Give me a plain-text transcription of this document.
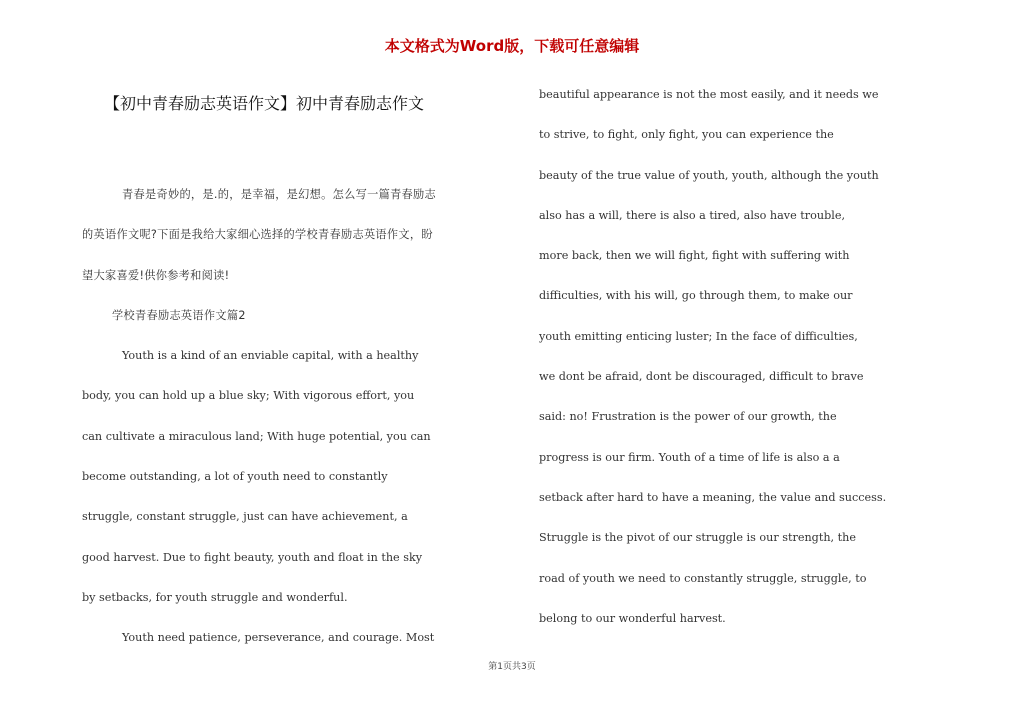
本文格式为Word版，下载可任意编辑
【初中青春励志英语作文】初中青春励志作文
青春是奇妙的，是.的，是幸福，是幻想。怎么写一篇青春励志
的英语作文呢?下面是我给大家细心选择的学校青春励志英语作文，盼
望大家喜爱!供你参考和阅读!
学校青春励志英语作文篇2
Youth is a kind of an enviable capital, with a healthy
body, you can hold up a blue sky; With vigorous effort, you
can cultivate a miraculous land; With huge potential, you can
become outstanding, a lot of youth need to constantly
struggle, constant struggle, just can have achievement, a
good harvest. Due to fight beauty, youth and float in the sky
by setbacks, for youth struggle and wonderful.
Youth need patience, perseverance, and courage. Most
beautiful appearance is not the most easily, and it needs we
to strive, to fight, only fight, you can experience the
beauty of the true value of youth, youth, although the youth
also has a will, there is also a tired, also have trouble,
more back, then we will fight, fight with suffering with
difficulties, with his will, go through them, to make our
youth emitting enticing luster; In the face of difficulties,
we dont be afraid, dont be discouraged, difficult to brave
said: no! Frustration is the power of our growth, the
progress is our firm. Youth of a time of life is also a a
setback after hard to have a meaning, the value and success.
Struggle is the pivot of our struggle is our strength, the
road of youth we need to constantly struggle, struggle, to
belong to our wonderful harvest.
第1页共3页
